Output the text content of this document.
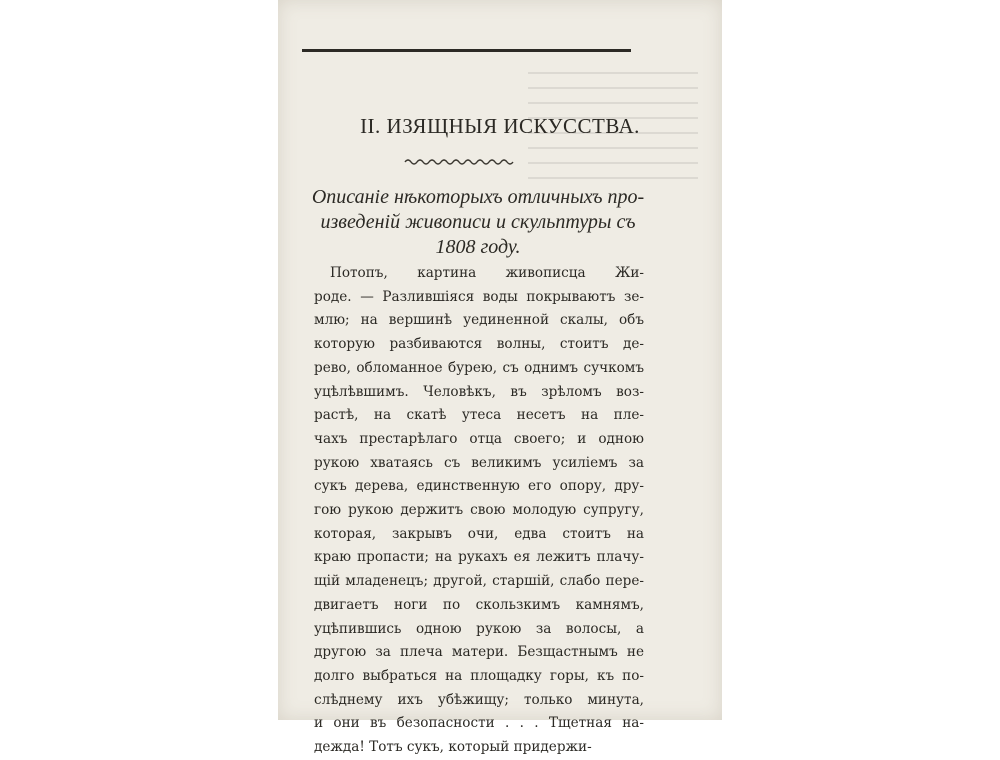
II. ИЗЯЩНЫЯ ИСКУССТВА.
Описаніе нѣкоторыхъ отличныхъ про-
изведеній живописи и скульптуры съ
1808 году.
Потопъ, картина живописца Жи-
роде. — Разлившіяся воды покрываютъ зе-
млю; на вершинѣ уединенной скалы, объ
которую разбиваются волны, стоитъ де-
рево, обломанное бурею, съ однимъ сучкомъ
уцѣлѣвшимъ. Человѣкъ, въ зрѣломъ воз-
растѣ, на скатѣ утеса несетъ на пле-
чахъ престарѣлаго отца своего; и одною
рукою хватаясь съ великимъ усиліемъ за
сукъ дерева, единственную его опору, дру-
гою рукою держитъ свою молодую супругу,
которая, закрывъ очи, едва стоитъ на
краю пропасти; на рукахъ ея лежитъ плачу-
щій младенецъ; другой, старшій, слабо пере-
двигаетъ ноги по скользкимъ камнямъ,
уцѣпившись одною рукою за волосы, а
другою за плеча матери. Безщастнымъ не
долго выбраться на площадку горы, къ по-
слѣднему ихъ убѣжищу; только минута,
и они въ безопасности . . . Тщетная на-
дежда! Тотъ сукъ, который придержи-
